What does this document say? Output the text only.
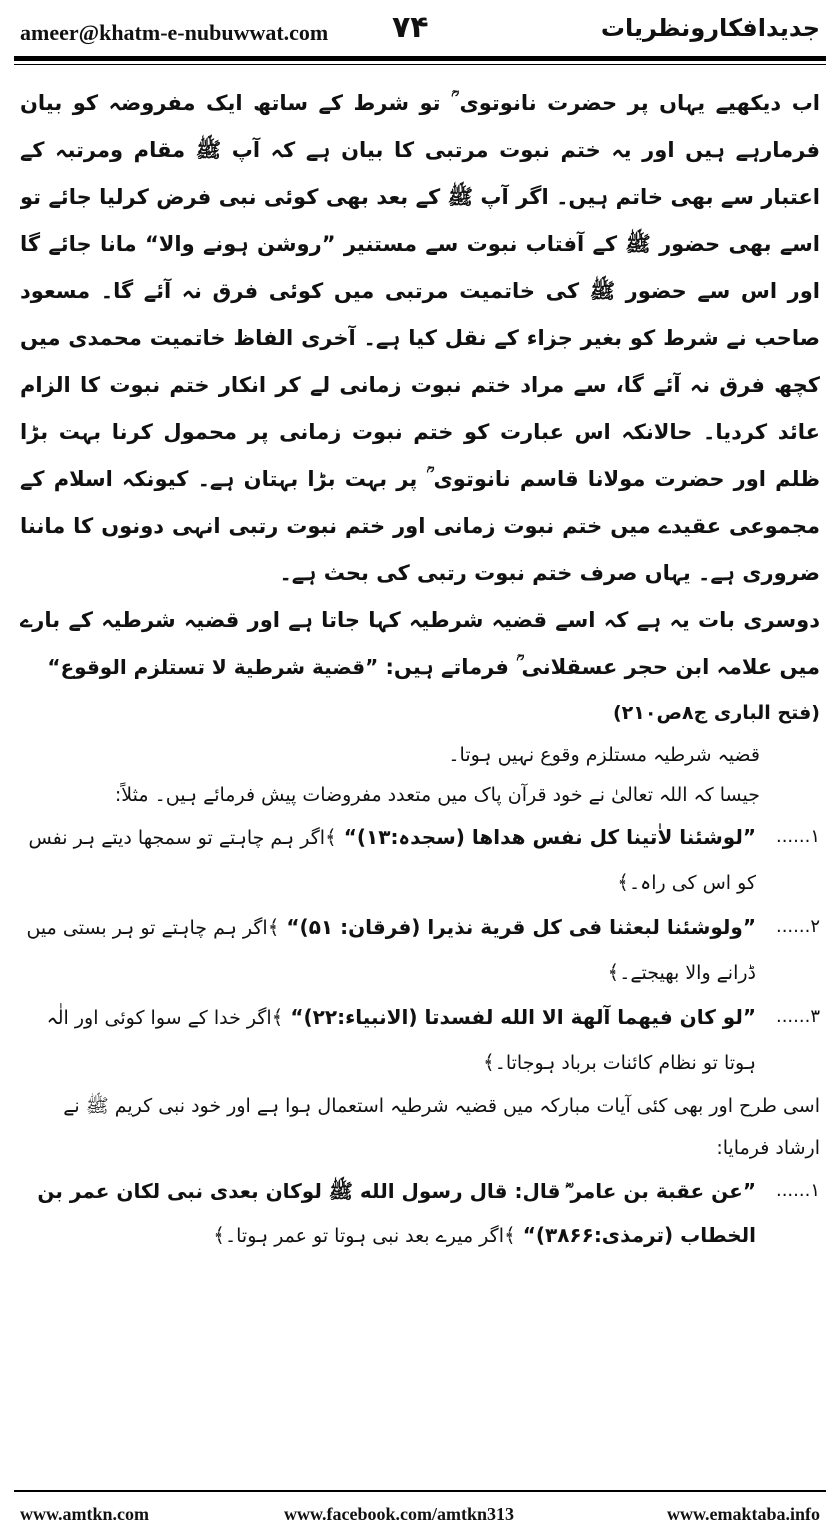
ameer@khatm-e-nubuwwat.com ۷۴	جدیدافکارونظریات

اب دیکھیے یہاں پر حضرت نانوتوی ؒ تو شرط کے ساتھ ایک مفروضہ کو بیان فرمارہے ہیں اور یہ ختم نبوت مرتبی کا بیان ہے کہ آپ ﷺ مقام ومرتبہ کے اعتبار سے بھی خاتم ہیں۔ اگر آپ ﷺ کے بعد بھی کوئی نبی فرض کرلیا جائے تو اسے بھی حضور ﷺ کے آفتاب نبوت سے مستنیر ”روشن ہونے والا“ مانا جائے گا اور اس سے حضور ﷺ کی خاتمیت مرتبی میں کوئی فرق نہ آئے گا۔ مسعود صاحب نے شرط کو بغیر جزاء کے نقل کیا ہے۔ آخری الفاظ خاتمیت محمدی میں کچھ فرق نہ آئے گا، سے مراد ختم نبوت زمانی لے کر انکار ختم نبوت کا الزام عائد کردیا۔ حالانکہ اس عبارت کو ختم نبوت زمانی پر محمول کرنا بہت بڑا ظلم اور حضرت مولانا قاسم نانوتوی ؒ پر بہت بڑا بہتان ہے۔ کیونکہ اسلام کے مجموعی عقیدے میں ختم نبوت زمانی اور ختم نبوت رتبی انہی دونوں کا ماننا ضروری ہے۔ یہاں صرف ختم نبوت رتبی کی بحث ہے۔

دوسری بات یہ ہے کہ اسے قضیہ شرطیہ کہا جاتا ہے اور قضیہ شرطیہ کے بارے میں علامہ ابن حجر عسقلانی ؒ فرماتے ہیں: ”قضية شرطية لا تستلزم الوقوع“

(فتح الباری ج۸ص۲۱۰)

قضیہ شرطیہ مستلزم وقوع نہیں ہوتا۔

جیسا کہ اللہ تعالیٰ نے خود قرآن پاک میں متعدد مفروضات پیش فرمائے ہیں۔ مثلاً:

۱......
”لوشئنا لاٰتینا کل نفس هداها (سجدہ:۱۳)“ ﴾اگر ہم چاہتے تو سمجھا دیتے ہر نفس کو اس کی راہ۔﴾
۲......
”ولوشئنا لبعثنا فی کل قرية نذيرا (فرقان: ۵۱)“ ﴾اگر ہم چاہتے تو ہر بستی میں ڈرانے والا بھیجتے۔﴾
۳......
”لو کان فيهما آلهة الا الله لفسدتا (الانبیاء:۲۲)“ ﴾اگر خدا کے سوا کوئی اور الٰہ ہوتا تو نظام کائنات برباد ہوجاتا۔﴾

اسی طرح اور بھی کئی آیات مبارکہ میں قضیہ شرطیہ استعمال ہوا ہے اور خود نبی کریم ﷺ نے ارشاد فرمایا:

۱......
”عن عقبة بن عامر ؓ قال: قال رسول الله ﷺ لوکان بعدی نبی لکان عمر بن الخطاب (ترمذی:۳۸۶۶)“ ﴾اگر میرے بعد نبی ہوتا تو عمر ہوتا۔﴾
www.amtkn.com	www.facebook.com/amtkn313	www.emaktaba.info
